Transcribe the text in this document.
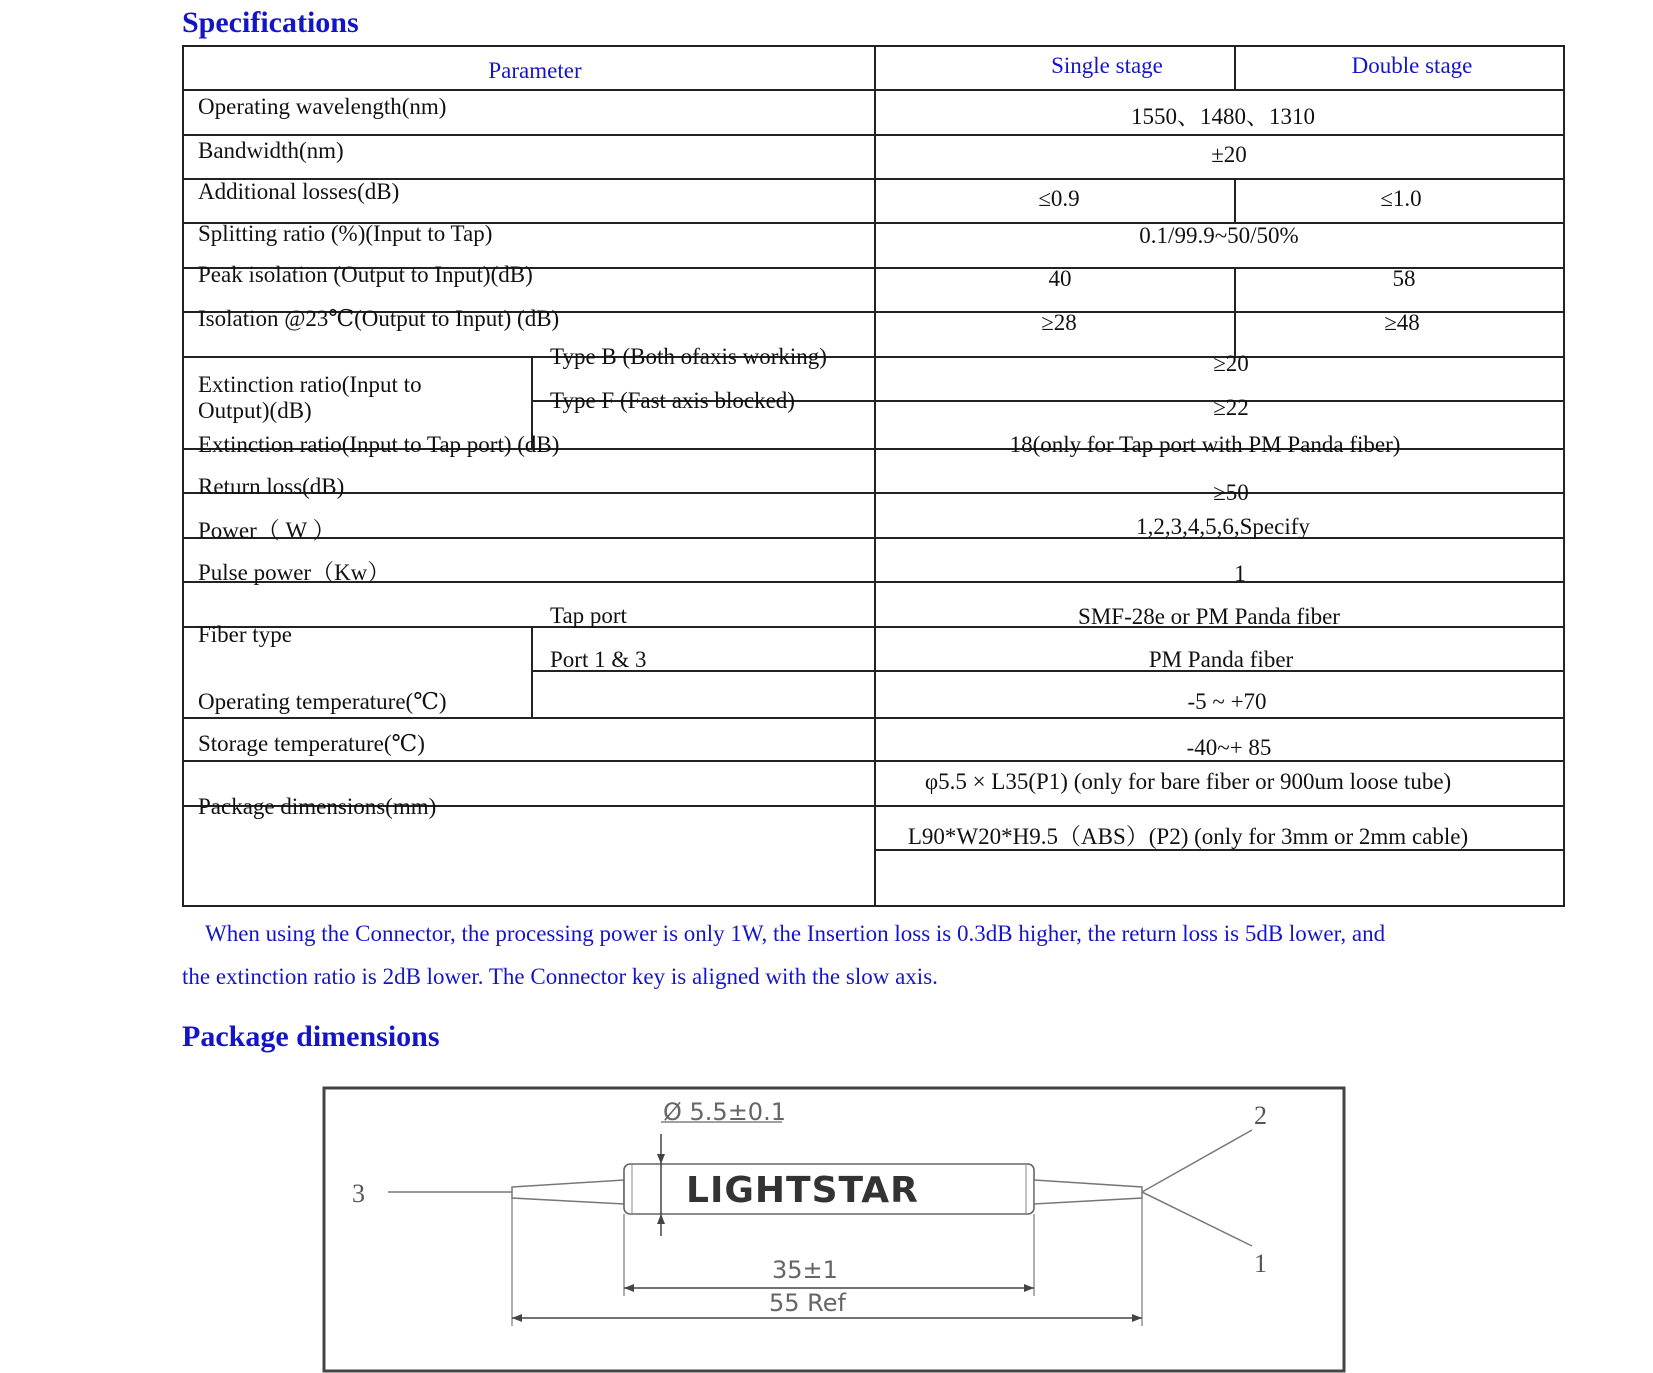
Specifications
Parameter	Single stage	Double stage
Operating wavelength(nm)	1550、1480、1310
Bandwidth(nm)	±20
Additional losses(dB)	≤0.9	≤1.0
Splitting ratio (%)(Input to Tap)	0.1/99.9~50/50%
Peak isolation (Output to Input)(dB)	40	58
Isolation @23℃(Output to Input) (dB)	≥28	≥48
Extinction ratio(Input to
Output)(dB)
Type B (Both ofaxis working)	≥20
Type F (Fast axis blocked)	≥22
Extinction ratio(Input to Tap port) (dB)	18(only for Tap port with PM Panda fiber)
Return loss(dB)	≥50
Power（ W ）	1,2,3,4,5,6,Specify
Pulse power（Kw）	1
Fiber type
Tap port	SMF-28e or PM Panda fiber
Port 1 & 3	PM Panda fiber
Operating temperature(℃)	-5 ~ +70
Storage temperature(℃)	-40~+ 85
Package dimensions(mm)
φ5.5 × L35(P1) (only for bare fiber or 900um loose tube)
L90*W20*H9.5（ABS）(P2) (only for 3mm or 2mm cable)

When using the Connector, the processing power is only 1W, the Insertion loss is 0.3dB higher, the return loss is 5dB lower, and

the extinction ratio is 2dB lower. The Connector key is aligned with the slow axis.

Package dimensions
LIGHTSTAR
Ø 5.5±0.1
35±1
55 Ref
3
2
1
